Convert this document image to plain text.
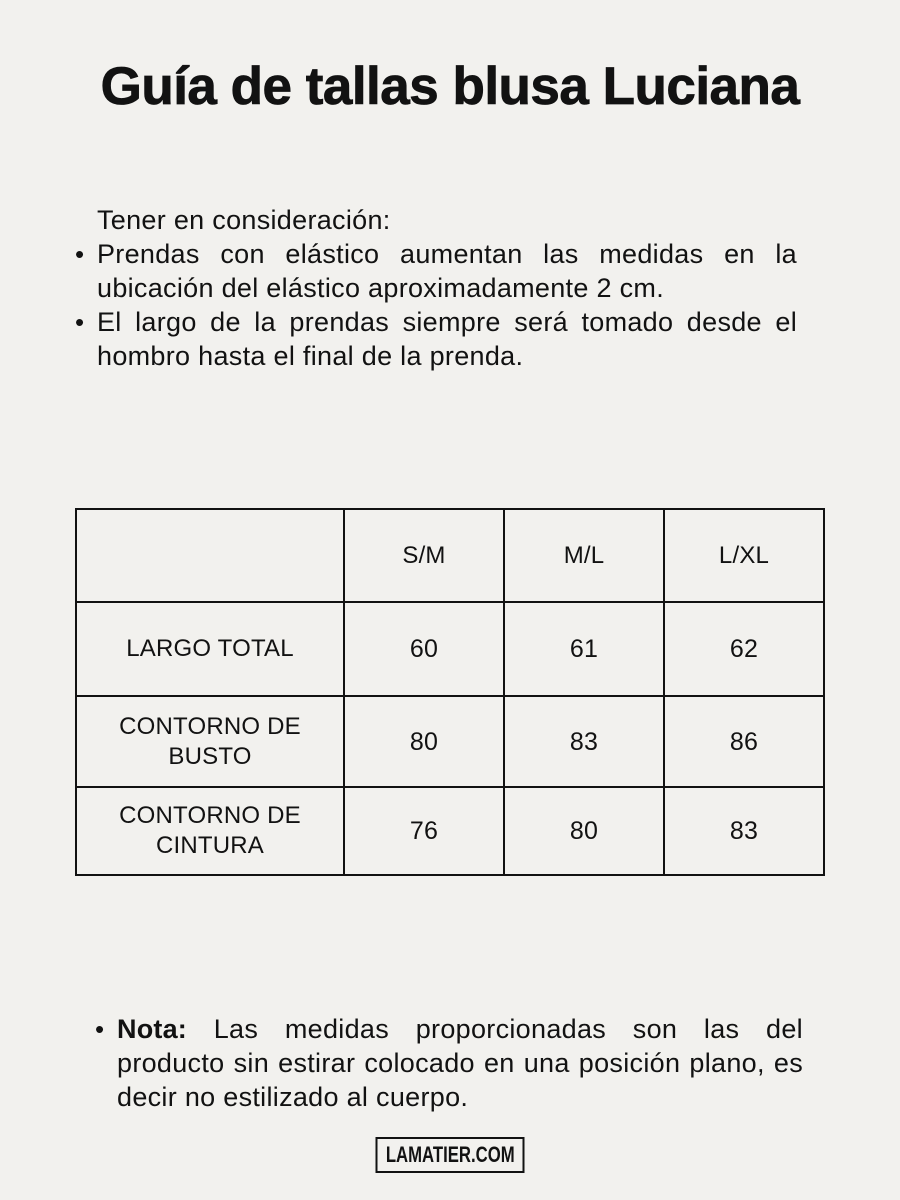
Guía de tallas blusa Luciana

Tener en consideración:

• Prendas con elástico aumentan las medidas en la ubicación del elástico aproximadamente 2 cm.
• El largo de la prendas siempre será tomado desde el hombro hasta el final de la prenda.
	S/M	M/L	L/XL
LARGO TOTAL	60	61	62
CONTORNO DE BUSTO	80	83	86
CONTORNO DE CINTURA	76	80	83

• Nota: Las medidas proporcionadas son las del producto sin estirar colocado en una posición plano, es decir no estilizado al cuerpo.

LAMATIER.COM
